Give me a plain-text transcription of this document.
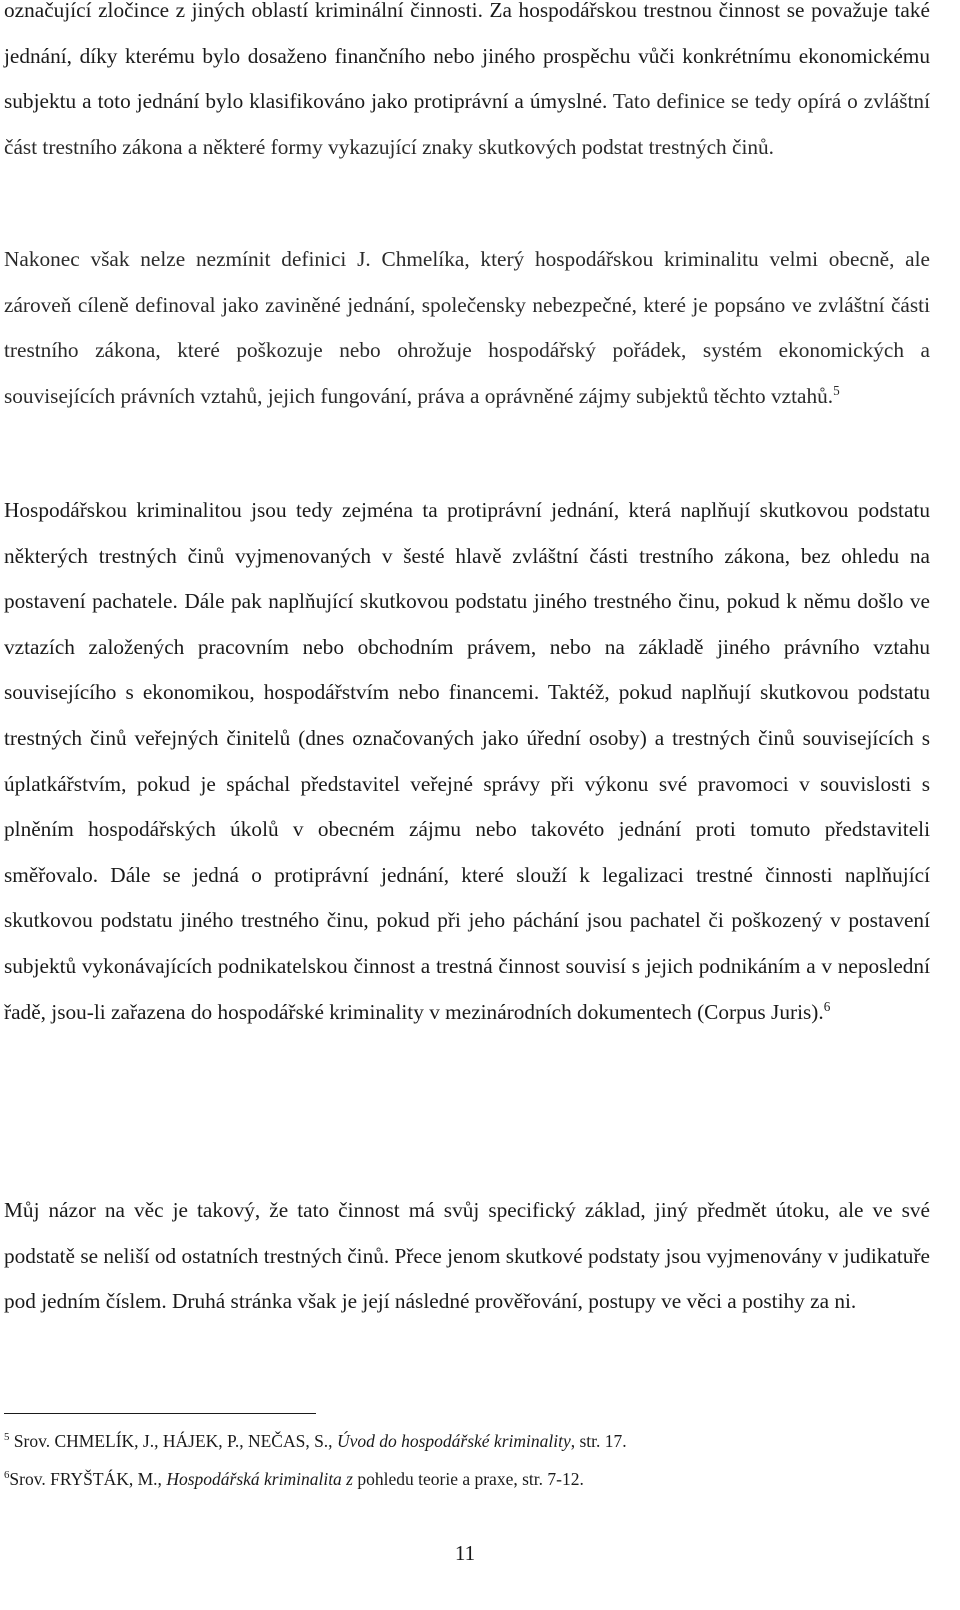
označující zločince z jiných oblastí kriminální činnosti. Za hospodářskou trestnou činnost se považuje také jednání, díky kterému bylo dosaženo finančního nebo jiného prospěchu vůči konkrétnímu ekonomickému subjektu a toto jednání bylo klasifikováno jako protiprávní a úmyslné. Tato definice se tedy opírá o zvláštní část trestního zákona a některé formy vykazující znaky skutkových podstat trestných činů.

Nakonec však nelze nezmínit definici J. Chmelíka, který hospodářskou kriminalitu velmi obecně, ale zároveň cíleně definoval jako zaviněné jednání, společensky nebezpečné, které je popsáno ve zvláštní části trestního zákona, které poškozuje nebo ohrožuje hospodářský pořádek, systém ekonomických a souvisejících právních vztahů, jejich fungování, práva a oprávněné zájmy subjektů těchto vztahů.$^5$

Hospodářskou kriminalitou jsou tedy zejména ta protiprávní jednání, která naplňují skutkovou podstatu některých trestných činů vyjmenovaných v šesté hlavě zvláštní části trestního zákona, bez ohledu na postavení pachatele. Dále pak naplňující skutkovou podstatu jiného trestného činu, pokud k němu došlo ve vztazích založených pracovním nebo obchodním právem, nebo na základě jiného právního vztahu souvisejícího s ekonomikou, hospodářstvím nebo financemi. Taktéž, pokud naplňují skutkovou podstatu trestných činů veřejných činitelů (dnes označovaných jako úřední osoby) a trestných činů souvisejících s úplatkářstvím, pokud je spáchal představitel veřejné správy při výkonu své pravomoci v souvislosti s plněním hospodářských úkolů v obecném zájmu nebo takovéto jednání proti tomuto představiteli směřovalo. Dále se jedná o protiprávní jednání, které slouží k legalizaci trestné činnosti naplňující skutkovou podstatu jiného trestného činu, pokud při jeho páchání jsou pachatel či poškozený v postavení subjektů vykonávajících podnikatelskou činnost a trestná činnost souvisí s jejich podnikáním a v neposlední řadě, jsou-li zařazena do hospodářské kriminality v mezinárodních dokumentech (Corpus Juris).$^6$

Můj názor na věc je takový, že tato činnost má svůj specifický základ, jiný předmět útoku, ale ve své podstatě se neliší od ostatních trestných činů. Přece jenom skutkové podstaty jsou vyjmenovány v judikatuře pod jedním číslem. Druhá stránka však je její následné prověřování, postupy ve věci a postihy za ni.

$^5$ Srov. CHMELÍK, J., HÁJEK, P., NEČAS, S., Úvod do hospodářské kriminality, str. 17.

$^6$Srov. FRYŠTÁK, M., Hospodářská kriminalita z pohledu teorie a praxe, str. 7-12.

11
